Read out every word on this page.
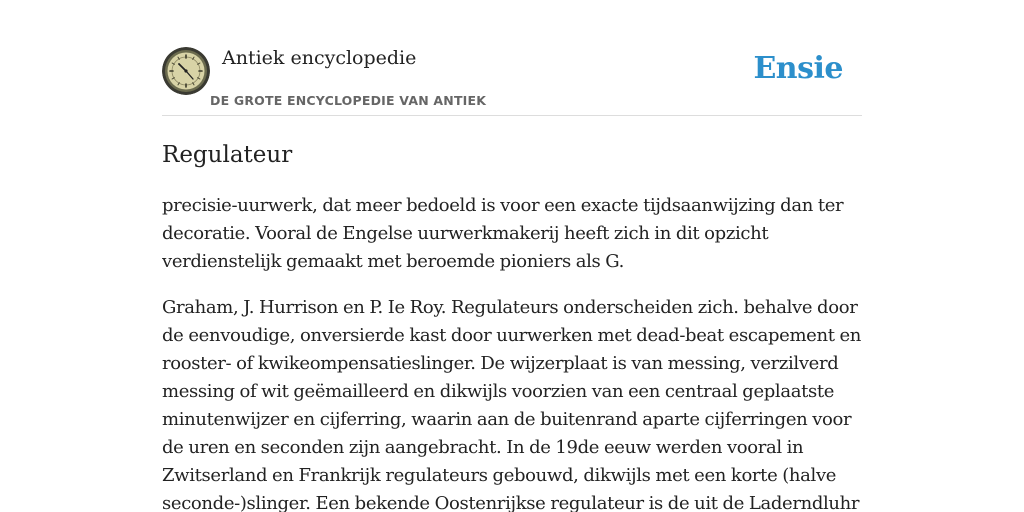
Antiek encyclopedie
DE GROTE ENCYCLOPEDIE VAN ANTIEK
Ensie
Regulateur

precisie-uurwerk, dat meer bedoeld is voor een exacte tijdsaanwijzing dan ter decoratie. Vooral de Engelse uurwerkmakerij heeft zich in dit opzicht verdienstelijk gemaakt met beroemde pioniers als G.

Graham, J. Hurrison en P. Ie Roy. Regulateurs onderscheiden zich. behalve door de eenvoudige, onversierde kast door uurwerken met dead-beat escapement en rooster- of kwikeompensatieslinger. De wijzerplaat is van messing, verzilverd messing of wit geëmailleerd en dikwijls voorzien van een centraal geplaatste minutenwijzer en cijferring, waarin aan de buitenrand aparte cijferringen voor de uren en seconden zijn aangebracht. In de 19de eeuw werden vooral in Zwitserland en Frankrijk regulateurs gebouwd, dikwijls met een korte (halve seconde-)slinger. Een bekende Oostenrijkse regulateur is de uit de Laderndluhr
